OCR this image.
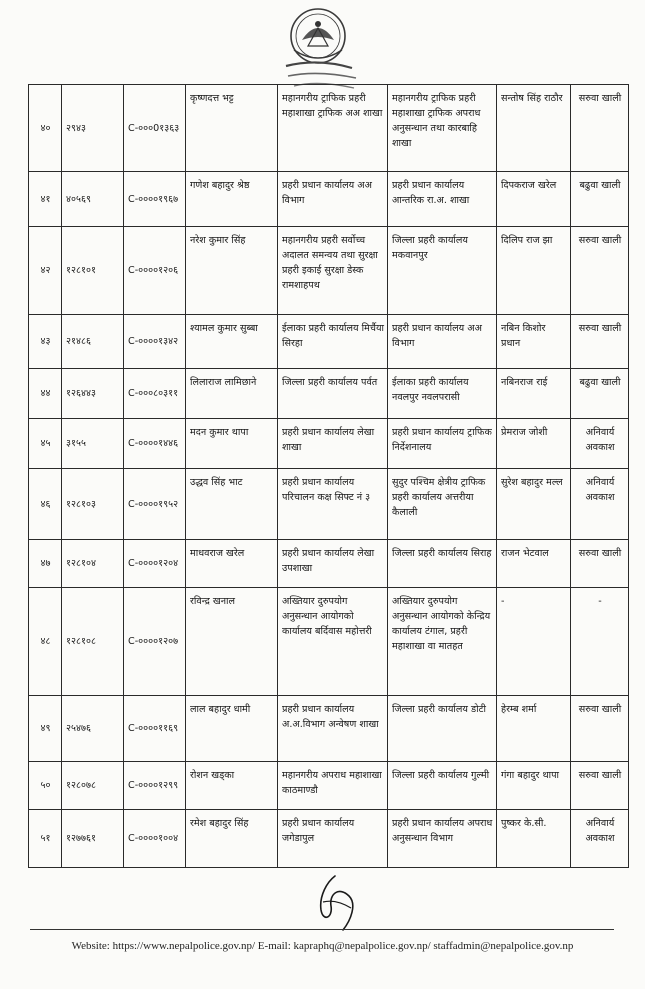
४०	२९४३	C-०००0१३६३	कृष्णदत्त भट्ट	महानगरीय ट्राफिक प्रहरी महाशाखा ट्राफिक अअ शाखा	महानगरीय ट्राफिक प्रहरी महाशाखा ट्राफिक अपराध अनुसन्धान तथा कारबाहि शाखा	सन्तोष सिंह राठौर	सरुवा खाली
४१	४०५६९	C-००००१९६७	गणेश बहादुर श्रेष्ठ	प्रहरी प्रधान कार्यालय अअ विभाग	प्रहरी प्रधान कार्यालय आन्तरिक रा.अ. शाखा	दिपकराज खरेल	बढुवा खाली
४२	१२८१०१	C-००००१२०६	नरेश कुमार सिंह	महानगरीय प्रहरी सर्वोच्च अदालत समन्वय तथा सुरक्षा प्रहरी इकाई सुरक्षा डेस्क रामशाहपथ	जिल्ला प्रहरी कार्यालय मकवानपुर	दिलिप राज झा	सरुवा खाली
४३	२१४८६	C-००००१३४२	श्यामल कुमार सुब्बा	ईलाका प्रहरी कार्यालय मिर्चैया सिरहा	प्रहरी प्रधान कार्यालय अअ विभाग	नबिन किशोर प्रधान	सरुवा खाली
४४	१२६४४३	C-०००८०३११	लिलाराज लामिछाने	जिल्ला प्रहरी कार्यालय पर्वत	ईलाका प्रहरी कार्यालय नवलपुर नवलपरासी	नबिनराज राई	बढुवा खाली
४५	३१५५	C-००००१४४६	मदन कुमार थापा	प्रहरी प्रधान कार्यालय लेखा शाखा	प्रहरी प्रधान कार्यालय ट्राफिक निर्देशनालय	प्रेमराज जोशी	अनिवार्य अवकाश
४६	१२८१०३	C-००००१९५२	उद्धव सिंह भाट	प्रहरी प्रधान कार्यालय परिचालन कक्ष सिफ्ट नं ३	सुदुर पश्चिम क्षेत्रीय ट्राफिक प्रहरी कार्यालय अत्तरीया कैलाली	सुरेश बहादुर मल्ल	अनिवार्य अवकाश
४७	१२८१०४	C-००००१२०४	माधवराज खरेल	प्रहरी प्रधान कार्यालय लेखा उपशाखा	जिल्ला प्रहरी कार्यालय सिराह	राजन भेटवाल	सरुवा खाली
४८	१२८१०८	C-००००१२०७	रविन्द्र खनाल	अख्तियार दुरुपयोग अनुसन्धान आयोगको कार्यालय बर्दिवास महोत्तरी	अख्तियार दुरुपयोग अनुसन्धान आयोगको केन्द्रिय कार्यालय टंगाल, प्रहरी महाशाखा वा मातहत	-	-
४९	२५४७६	C-००००११६९	लाल बहादुर धामी	प्रहरी प्रधान कार्यालय अ.अ.विभाग अन्वेषण शाखा	जिल्ला प्रहरी कार्यालय डोटी	हेरम्ब शर्मा	सरुवा खाली
५०	१२८०७८	C-००००१२९९	रोशन खड्का	महानगरीय अपराध महाशाखा काठमाण्डौ	जिल्ला प्रहरी कार्यालय गुल्मी	गंगा बहादुर थापा	सरुवा खाली
५१	१२७७६१	C-००००१००४	रमेश बहादुर सिंह	प्रहरी प्रधान कार्यालय जगेडापुल	प्रहरी प्रधान कार्यालय अपराध अनुसन्धान विभाग	पुष्कर के.सी.	अनिवार्य अवकाश
Website: https://www.nepalpolice.gov.np/ E-mail: kapraphq@nepalpolice.gov.np/ staffadmin@nepalpolice.gov.np
